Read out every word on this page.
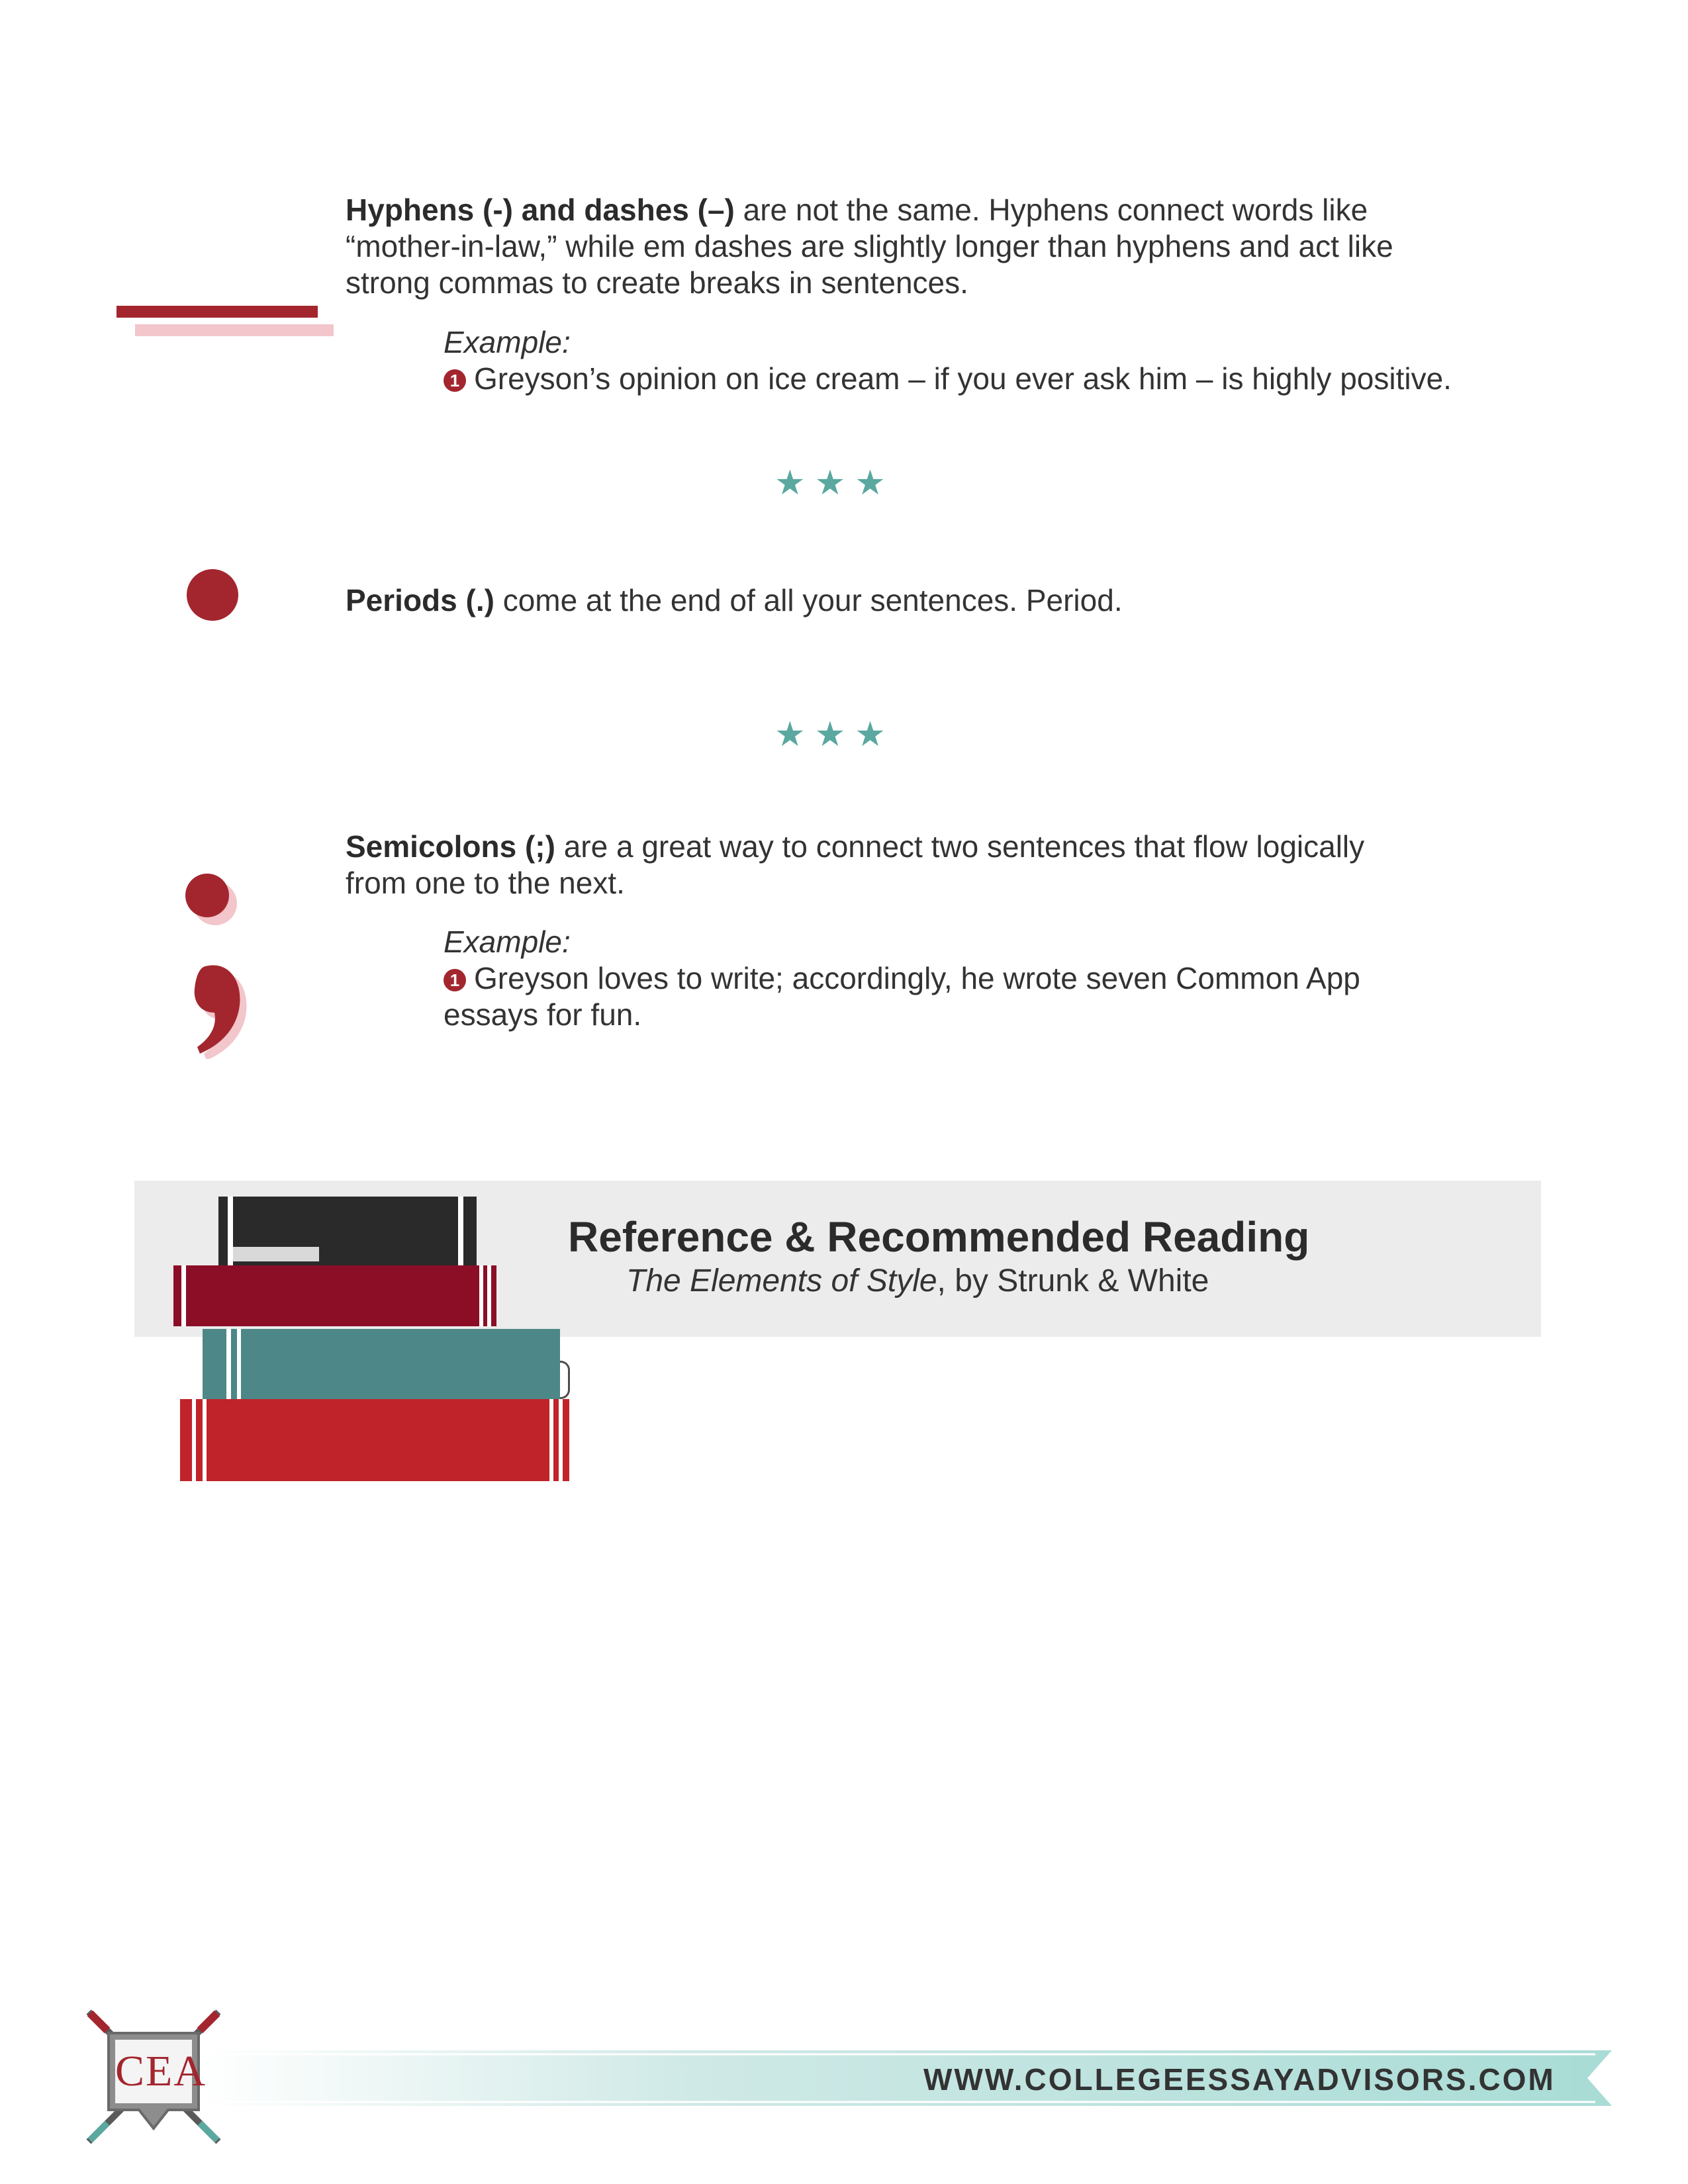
Hyphens (-) and dashes (–) are not the same. Hyphens connect words like
“mother-in-law,” while em dashes are slightly longer than hyphens and act like
strong commas to create breaks in sentences.
Example:
1 Greyson’s opinion on ice cream – if you ever ask him – is highly positive.
★★★
Periods (.) come at the end of all your sentences. Period.
★★★
Semicolons (;) are a great way to connect two sentences that flow logically
from one to the next.
Example:
1 Greyson loves to write; accordingly, he wrote seven Common App
essays for fun.
Reference & Recommended Reading
The Elements of Style, by Strunk & White
WWW.COLLEGEESSAYADVISORS.COM
CEA
